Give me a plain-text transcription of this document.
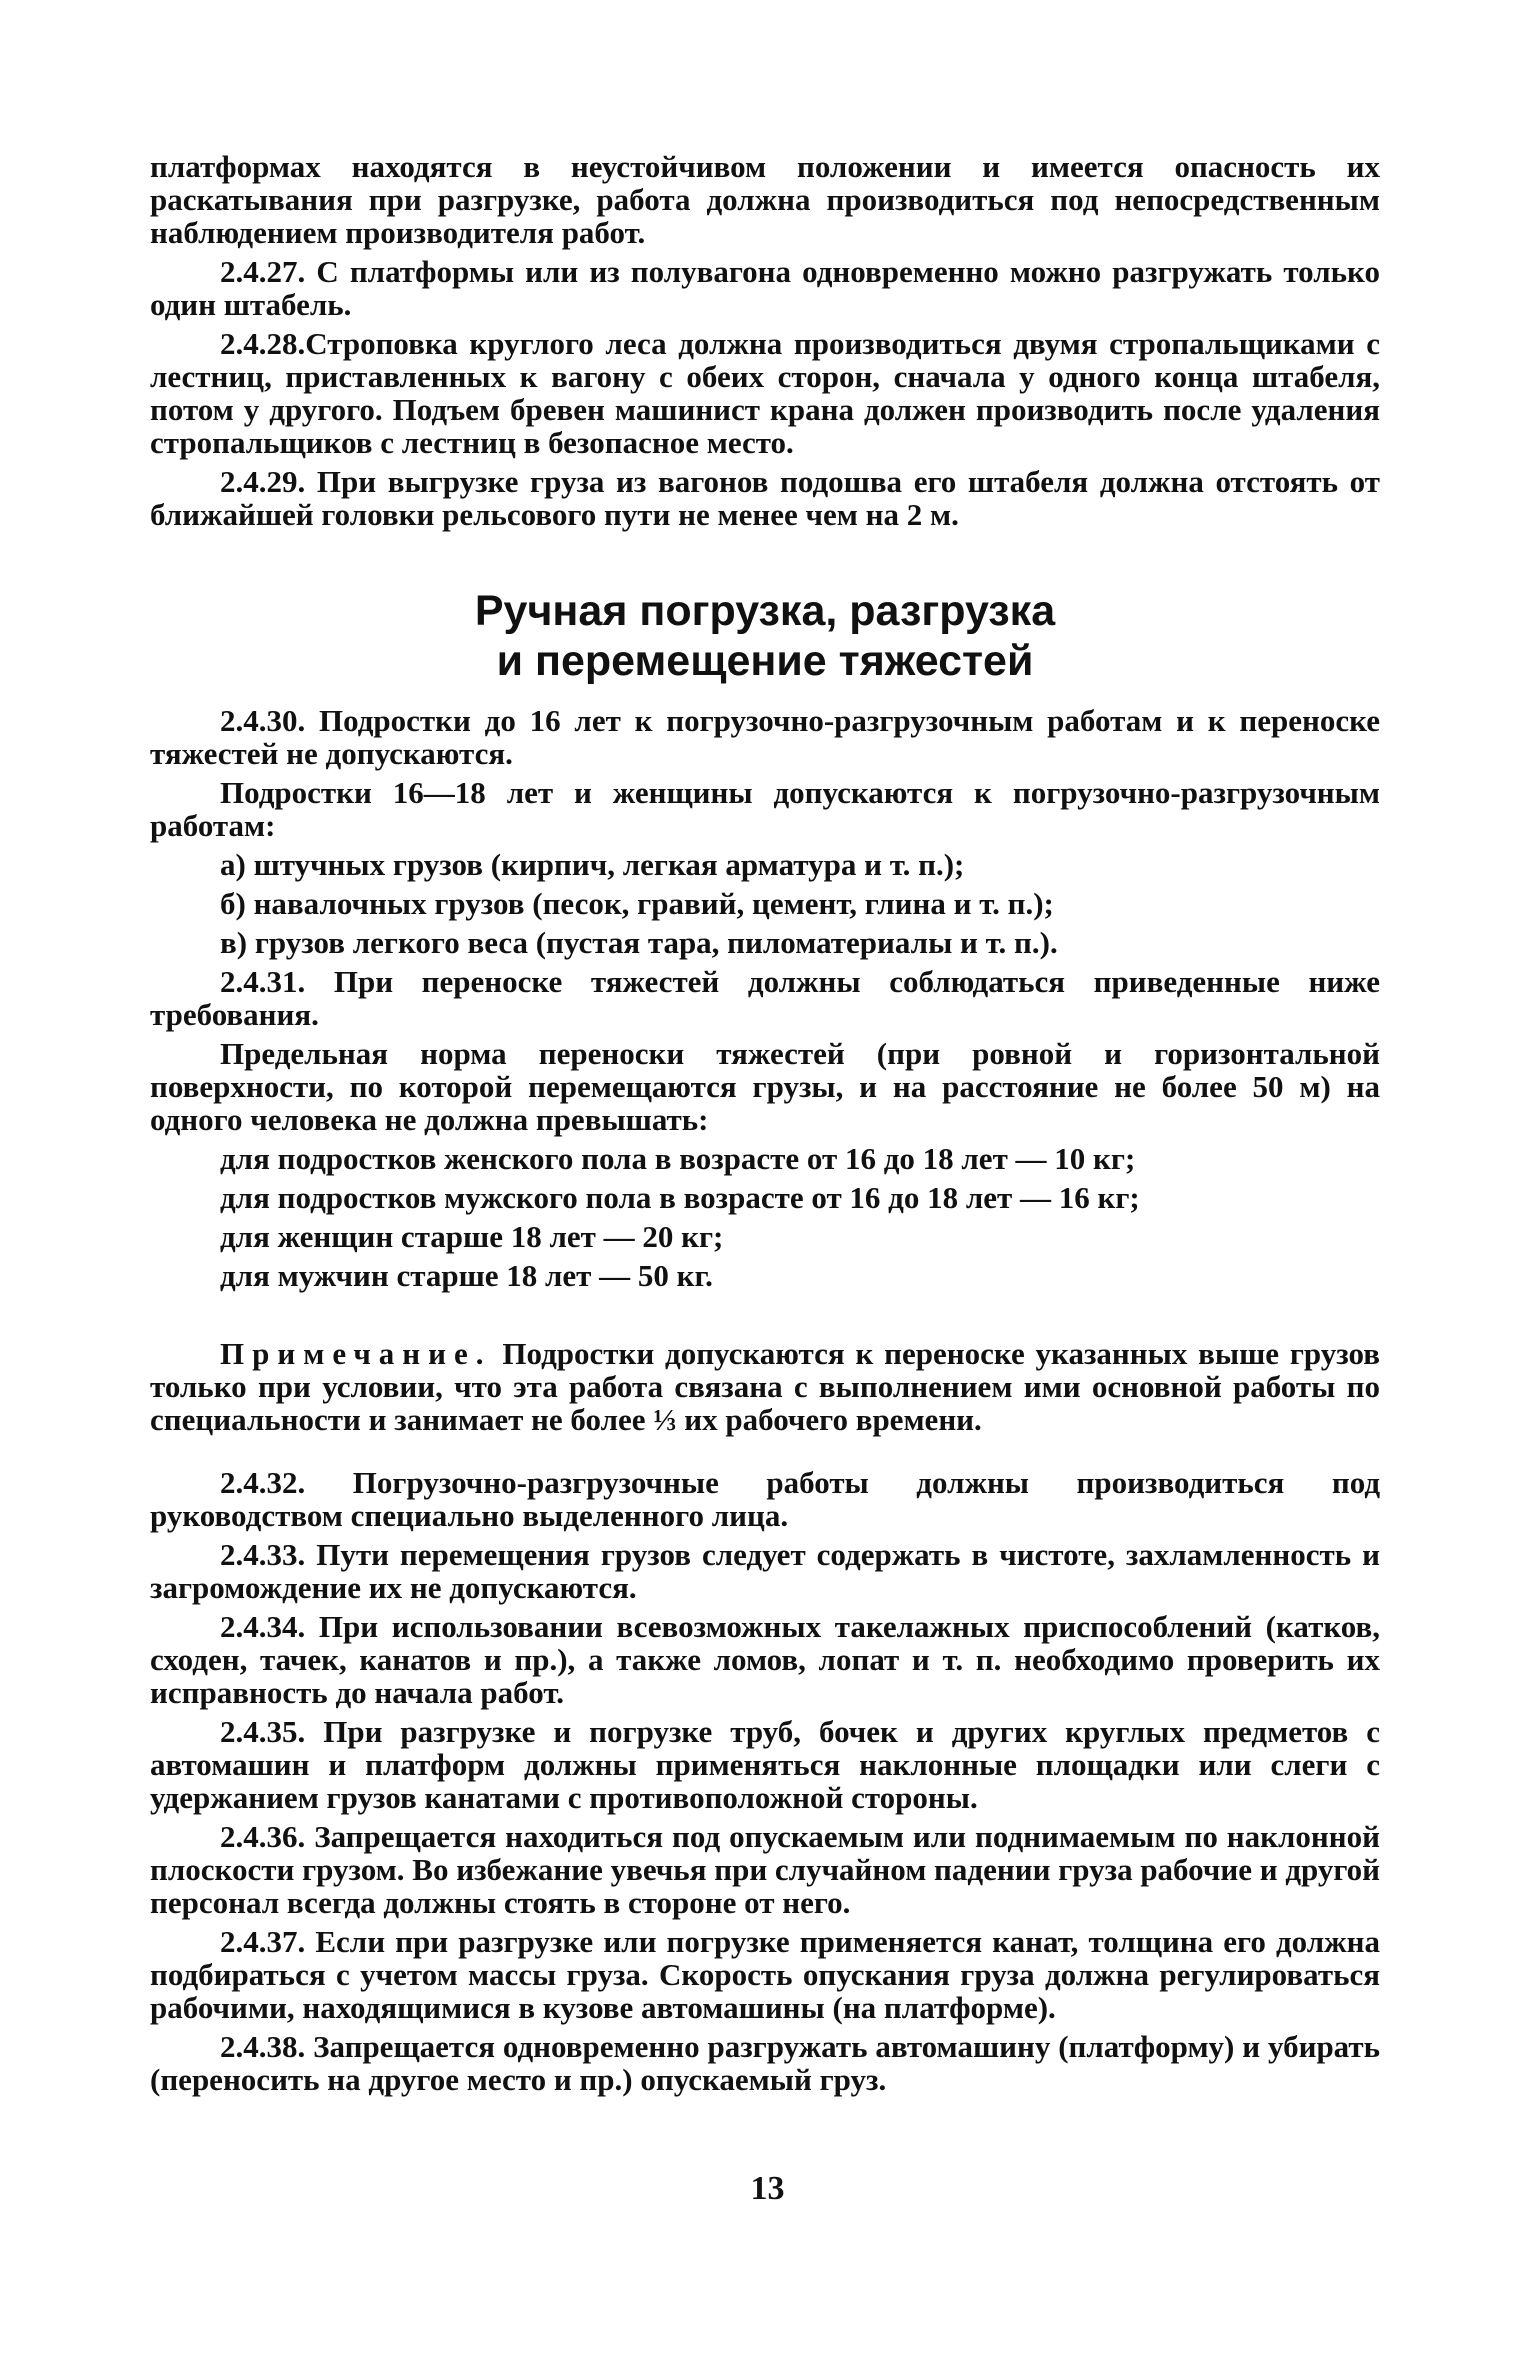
платформах находятся в неустойчивом положении и имеется опасность их раскатывания при разгрузке, работа должна производиться под непосредственным наблюдением производителя работ.

2.4.27. С платформы или из полувагона одновременно можно разгружать только один штабель.

2.4.28.Строповка круглого леса должна производиться двумя стропальщиками с лестниц, приставленных к вагону с обеих сторон, сначала у одного конца штабеля, потом у другого. Подъем бревен машинист крана должен производить после удаления стропальщиков с лестниц в безопасное место.

2.4.29. При выгрузке груза из вагонов подошва его штабеля должна отстоять от ближайшей головки рельсового пути не менее чем на 2 м.

Ручная погрузка, разгрузка
и перемещение тяжестей

2.4.30. Подростки до 16 лет к погрузочно-разгрузочным работам и к переноске тяжестей не допускаются.

Подростки 16—18 лет и женщины допускаются к погрузочно-разгрузочным работам:

а) штучных грузов (кирпич, легкая арматура и т. п.);

б) навалочных грузов (песок, гравий, цемент, глина и т. п.);

в) грузов легкого веса (пустая тара, пиломатериалы и т. п.).

2.4.31. При переноске тяжестей должны соблюдаться приведенные ниже требования.

Предельная норма переноски тяжестей (при ровной и горизонтальной поверхности, по которой перемещаются грузы, и на расстояние не более 50 м) на одного человека не должна превышать:

для подростков женского пола в возрасте от 16 до 18 лет — 10 кг;

для подростков мужского пола в возрасте от 16 до 18 лет — 16 кг;

для женщин старше 18 лет — 20 кг;

для мужчин старше 18 лет — 50 кг.

Примечание. Подростки допускаются к переноске указанных выше грузов только при условии, что эта работа связана с выполнением ими основной работы по специальности и занимает не более ⅓ их рабочего времени.

2.4.32. Погрузочно-разгрузочные работы должны производиться под руководством специально выделенного лица.

2.4.33. Пути перемещения грузов следует содержать в чистоте, захламленность и загромождение их не допускаются.

2.4.34. При использовании всевозможных такелажных приспособлений (катков, сходен, тачек, канатов и пр.), а также ломов, лопат и т. п. необходимо проверить их исправность до начала работ.

2.4.35. При разгрузке и погрузке труб, бочек и других круглых предметов с автомашин и платформ должны применяться наклонные площадки или слеги с удержанием грузов канатами с противоположной стороны.

2.4.36. Запрещается находиться под опускаемым или поднимаемым по наклонной плоскости грузом. Во избежание увечья при случайном падении груза рабочие и другой персонал всегда должны стоять в стороне от него.

2.4.37. Если при разгрузке или погрузке применяется канат, толщина его должна подбираться с учетом массы груза. Скорость опускания груза должна регулироваться рабочими, находящимися в кузове автомашины (на платформе).

2.4.38. Запрещается одновременно разгружать автомашину (платформу) и убирать (переносить на другое место и пр.) опускаемый груз.

13
